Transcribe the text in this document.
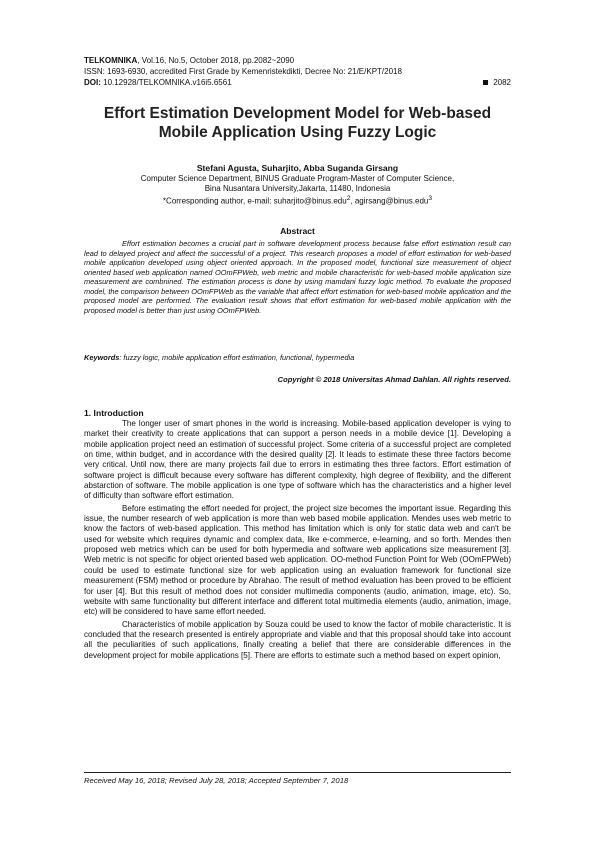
TELKOMNIKA, Vol.16, No.5, October 2018, pp.2082~2090
ISSN: 1693-6930, accredited First Grade by Kemenristekdikti, Decree No: 21/E/KPT/2018
DOI: 10.12928/TELKOMNIKA.v16i5.6561	2082
Effort Estimation Development Model for Web-based
Mobile Application Using Fuzzy Logic
Stefani Agusta, Suharjito, Abba Suganda Girsang
Computer Science Department, BINUS Graduate Program-Master of Computer Science,
Bina Nusantara University,Jakarta, 11480, Indonesia
*Corresponding author, e-mail: suharjito@binus.edu$^2$, agirsang@binus.edu$^3$
Abstract

Effort estimation becomes a crucial part in software development process because false effort estimation result can lead to delayed project and affect the successful of a project. This research proposes a model of effort estimation for web-based mobile application developed using object oriented approach. In the proposed model, functional size measurement of object oriented based web application named OOmFPWeb, web metric and mobile characteristic for web-based mobile application size measurement are combnined. The estimation process is done by using mamdani fuzzy logic method. To evaluate the proposed model, the comparison between OOmFPWeb as the variable that affect effort estimation for web-based mobile application and the proposed model are performed. The evaluation result shows that effort estimation for web-based mobile application with the proposed model is better than just using OOmFPWeb.

Keywords: fuzzy logic, mobile application effort estimation, functional, hypermedia
Copyright © 2018 Universitas Ahmad Dahlan. All rights reserved.
1. Introduction

The longer user of smart phones in the world is increasing. Mobile-based application developer is vying to market their creativity to create applications that can support a person needs in a mobile device [1]. Developing a mobile application project need an estimation of successful project. Some criteria of a successful project are completed on time, within budget, and in accordance with the desired quality [2]. It leads to estimate these three factors become very critical. Until now, there are many projects fail due to errors in estimating thes three factors. Effort estimation of software project is difficult because every software has different complexity, high degree of flexibility, and the different abstarction of software. The mobile application is one type of software which has the characteristics and a higher level of difficulty than software effort estimation.

Before estimating the effort needed for project, the project size becomes the important issue. Regarding this issue, the number research of web application is more than web based mobile application. Mendes uses web metric to know the factors of web-based application. This method has limitation which is only for static data web and can't be used for website which requires dynamic and complex data, like e-commerce, e-learning, and so forth. Mendes then proposed web metrics which can be used for both hypermedia and software web applications size measurement [3]. Web metric is not specific for object oriented based web application. OO-method Function Point for Web (OOmFPWeb) could be used to estimate functional size for web application using an evaluation framework for functional size measurement (FSM) method or procedure by Abrahao. The result of method evaluation has been proved to be efficient for user [4]. But this result of method does not consider multimedia components (audio, animation, image, etc). So, website with same functionality but different interface and different total multimedia elements (audio, animation, image, etc) will be considered to have same effort needed.

Characteristics of mobile application by Souza could be used to know the factor of mobile characteristic. It is concluded that the research presented is entirely appropriate and viable and that this proposal should take into account all the peculiarities of such applications, finally creating a belief that there are considerable differences in the development project for mobile applications [5]. There are efforts to estimate such a method based on expert opinion,

Received May 16, 2018; Revised July 28, 2018; Accepted September 7, 2018
